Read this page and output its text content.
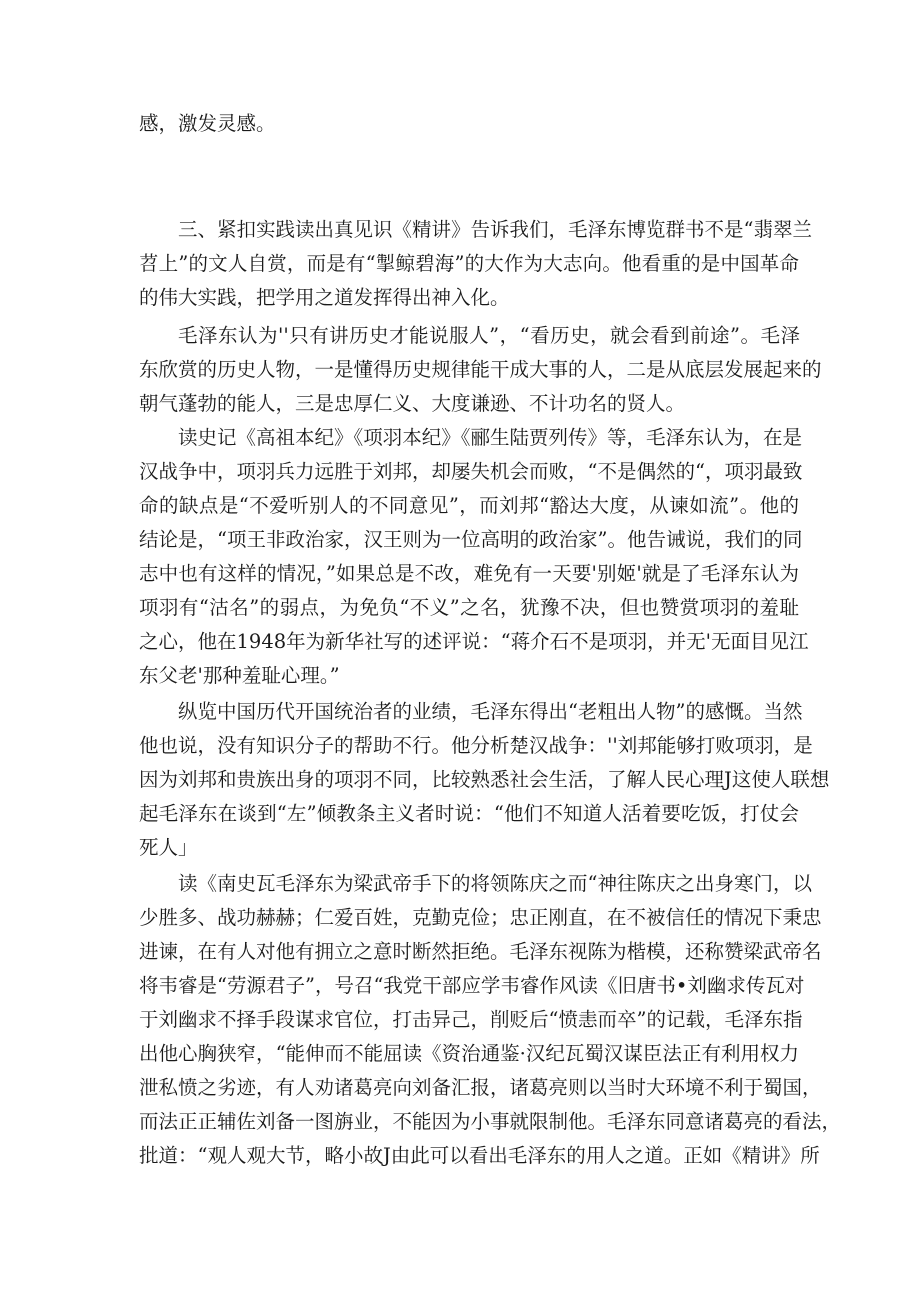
感，激发灵感。
三、紧扣实践读出真见识《精讲》告诉我们，毛泽东博览群书不是“翡翠兰
苕上”的文人自赏，而是有“掣鲸碧海”的大作为大志向。他看重的是中国革命
的伟大实践，把学用之道发挥得出神入化。
毛泽东认为''只有讲历史才能说服人”，“看历史，就会看到前途”。毛泽
东欣赏的历史人物，一是懂得历史规律能干成大事的人，二是从底层发展起来的
朝气蓬勃的能人，三是忠厚仁义、大度谦逊、不计功名的贤人。
读史记《高祖本纪》《项羽本纪》《郦生陆贾列传》等，毛泽东认为，在是
汉战争中，项羽兵力远胜于刘邦，却屡失机会而败，“不是偶然的“，项羽最致
命的缺点是“不爱听别人的不同意见”，而刘邦“豁达大度，从谏如流”。他的
结论是，“项王非政治家，汉王则为一位高明的政治家”。他告诫说，我们的同
志中也有这样的情况，”如果总是不改，难免有一天要'别姬'就是了毛泽东认为
项羽有“沽名”的弱点，为免负“不义”之名，犹豫不决，但也赞赏项羽的羞耻
之心，他在1948年为新华社写的述评说：“蒋介石不是项羽，并无'无面目见江
东父老'那种羞耻心理。”
纵览中国历代开国统治者的业绩，毛泽东得出“老粗出人物”的感慨。当然
他也说，没有知识分子的帮助不行。他分析楚汉战争：''刘邦能够打败项羽，是
因为刘邦和贵族出身的项羽不同，比较熟悉社会生活，了解人民心理J这使人联想
起毛泽东在谈到“左”倾教条主义者时说：“他们不知道人活着要吃饭，打仗会
死人」
读《南史瓦毛泽东为梁武帝手下的将领陈庆之而“神往陈庆之出身寒门，以
少胜多、战功赫赫；仁爱百姓，克勤克俭；忠正刚直，在不被信任的情况下秉忠
进谏，在有人对他有拥立之意时断然拒绝。毛泽东视陈为楷模，还称赞梁武帝名
将韦睿是“劳源君子”，号召“我党干部应学韦睿作风读《旧唐书•刘幽求传瓦对
于刘幽求不择手段谋求官位，打击异己，削贬后“愤恚而卒”的记载，毛泽东指
出他心胸狭窄，“能伸而不能屈读《资治通鉴·汉纪瓦蜀汉谋臣法正有利用权力
泄私愤之劣迹，有人劝诸葛亮向刘备汇报，诸葛亮则以当时大环境不利于蜀国，
而法正正辅佐刘备一图旃业，不能因为小事就限制他。毛泽东同意诸葛亮的看法，
批道：“观人观大节，略小故J由此可以看出毛泽东的用人之道。正如《精讲》所
